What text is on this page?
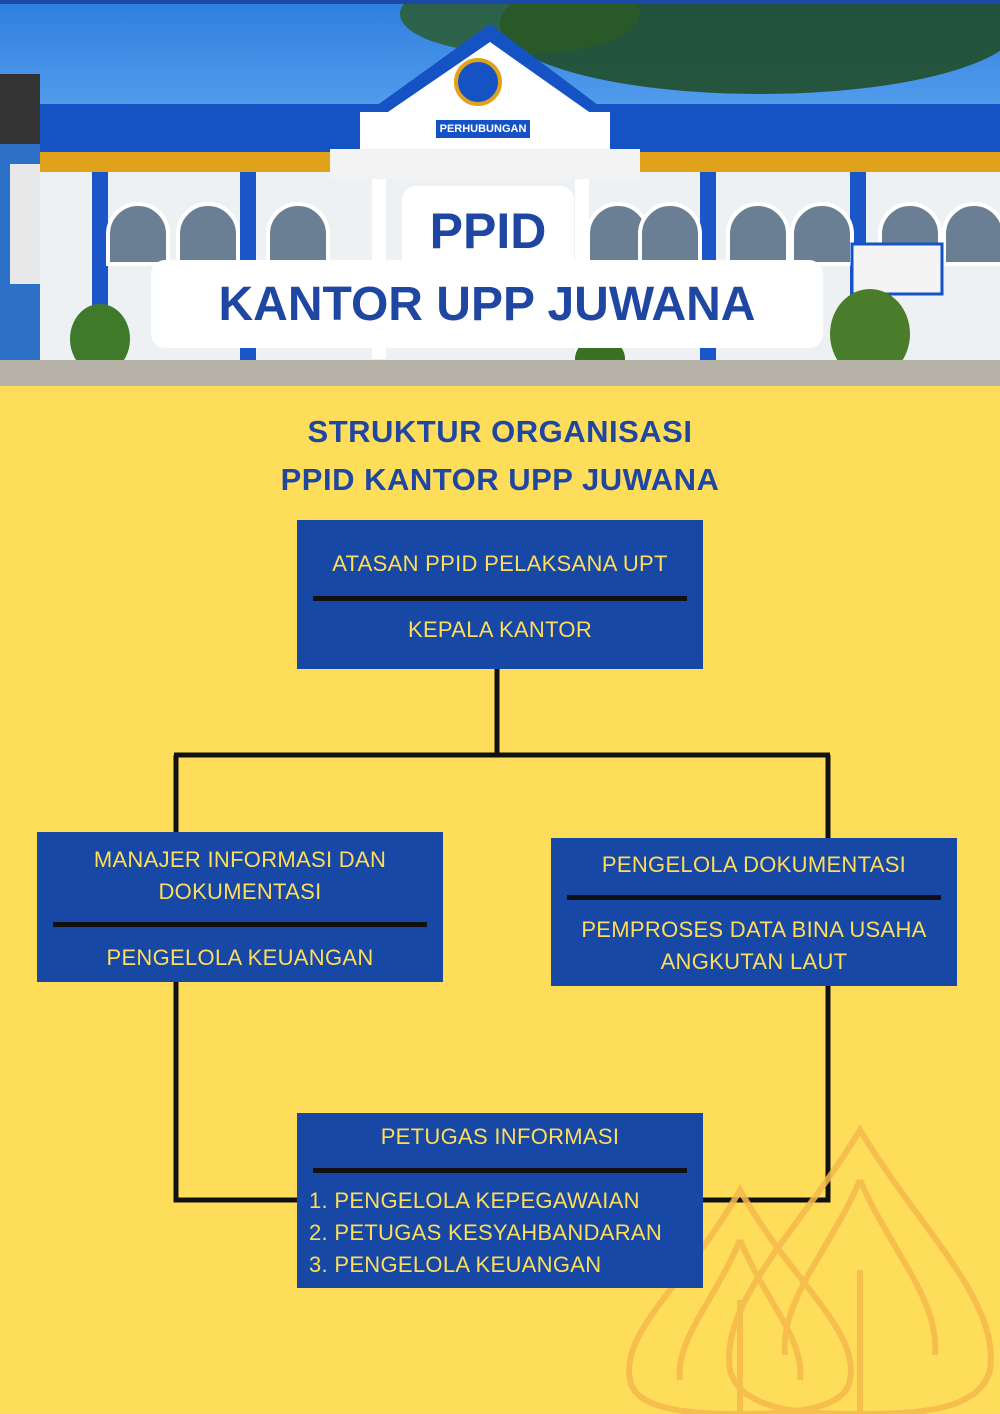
PERHUBUNGAN
PPID
KANTOR UPP JUWANA
STRUKTUR ORGANISASI
PPID KANTOR UPP JUWANA
ATASAN PPID PELAKSANA UPT
KEPALA KANTOR
MANAJER INFORMASI DAN
DOKUMENTASI
PENGELOLA KEUANGAN
PENGELOLA DOKUMENTASI
PEMPROSES DATA BINA USAHA
ANGKUTAN LAUT
PETUGAS INFORMASI
1. PENGELOLA KEPEGAWAIAN
2. PETUGAS KESYAHBANDARAN
3. PENGELOLA KEUANGAN
